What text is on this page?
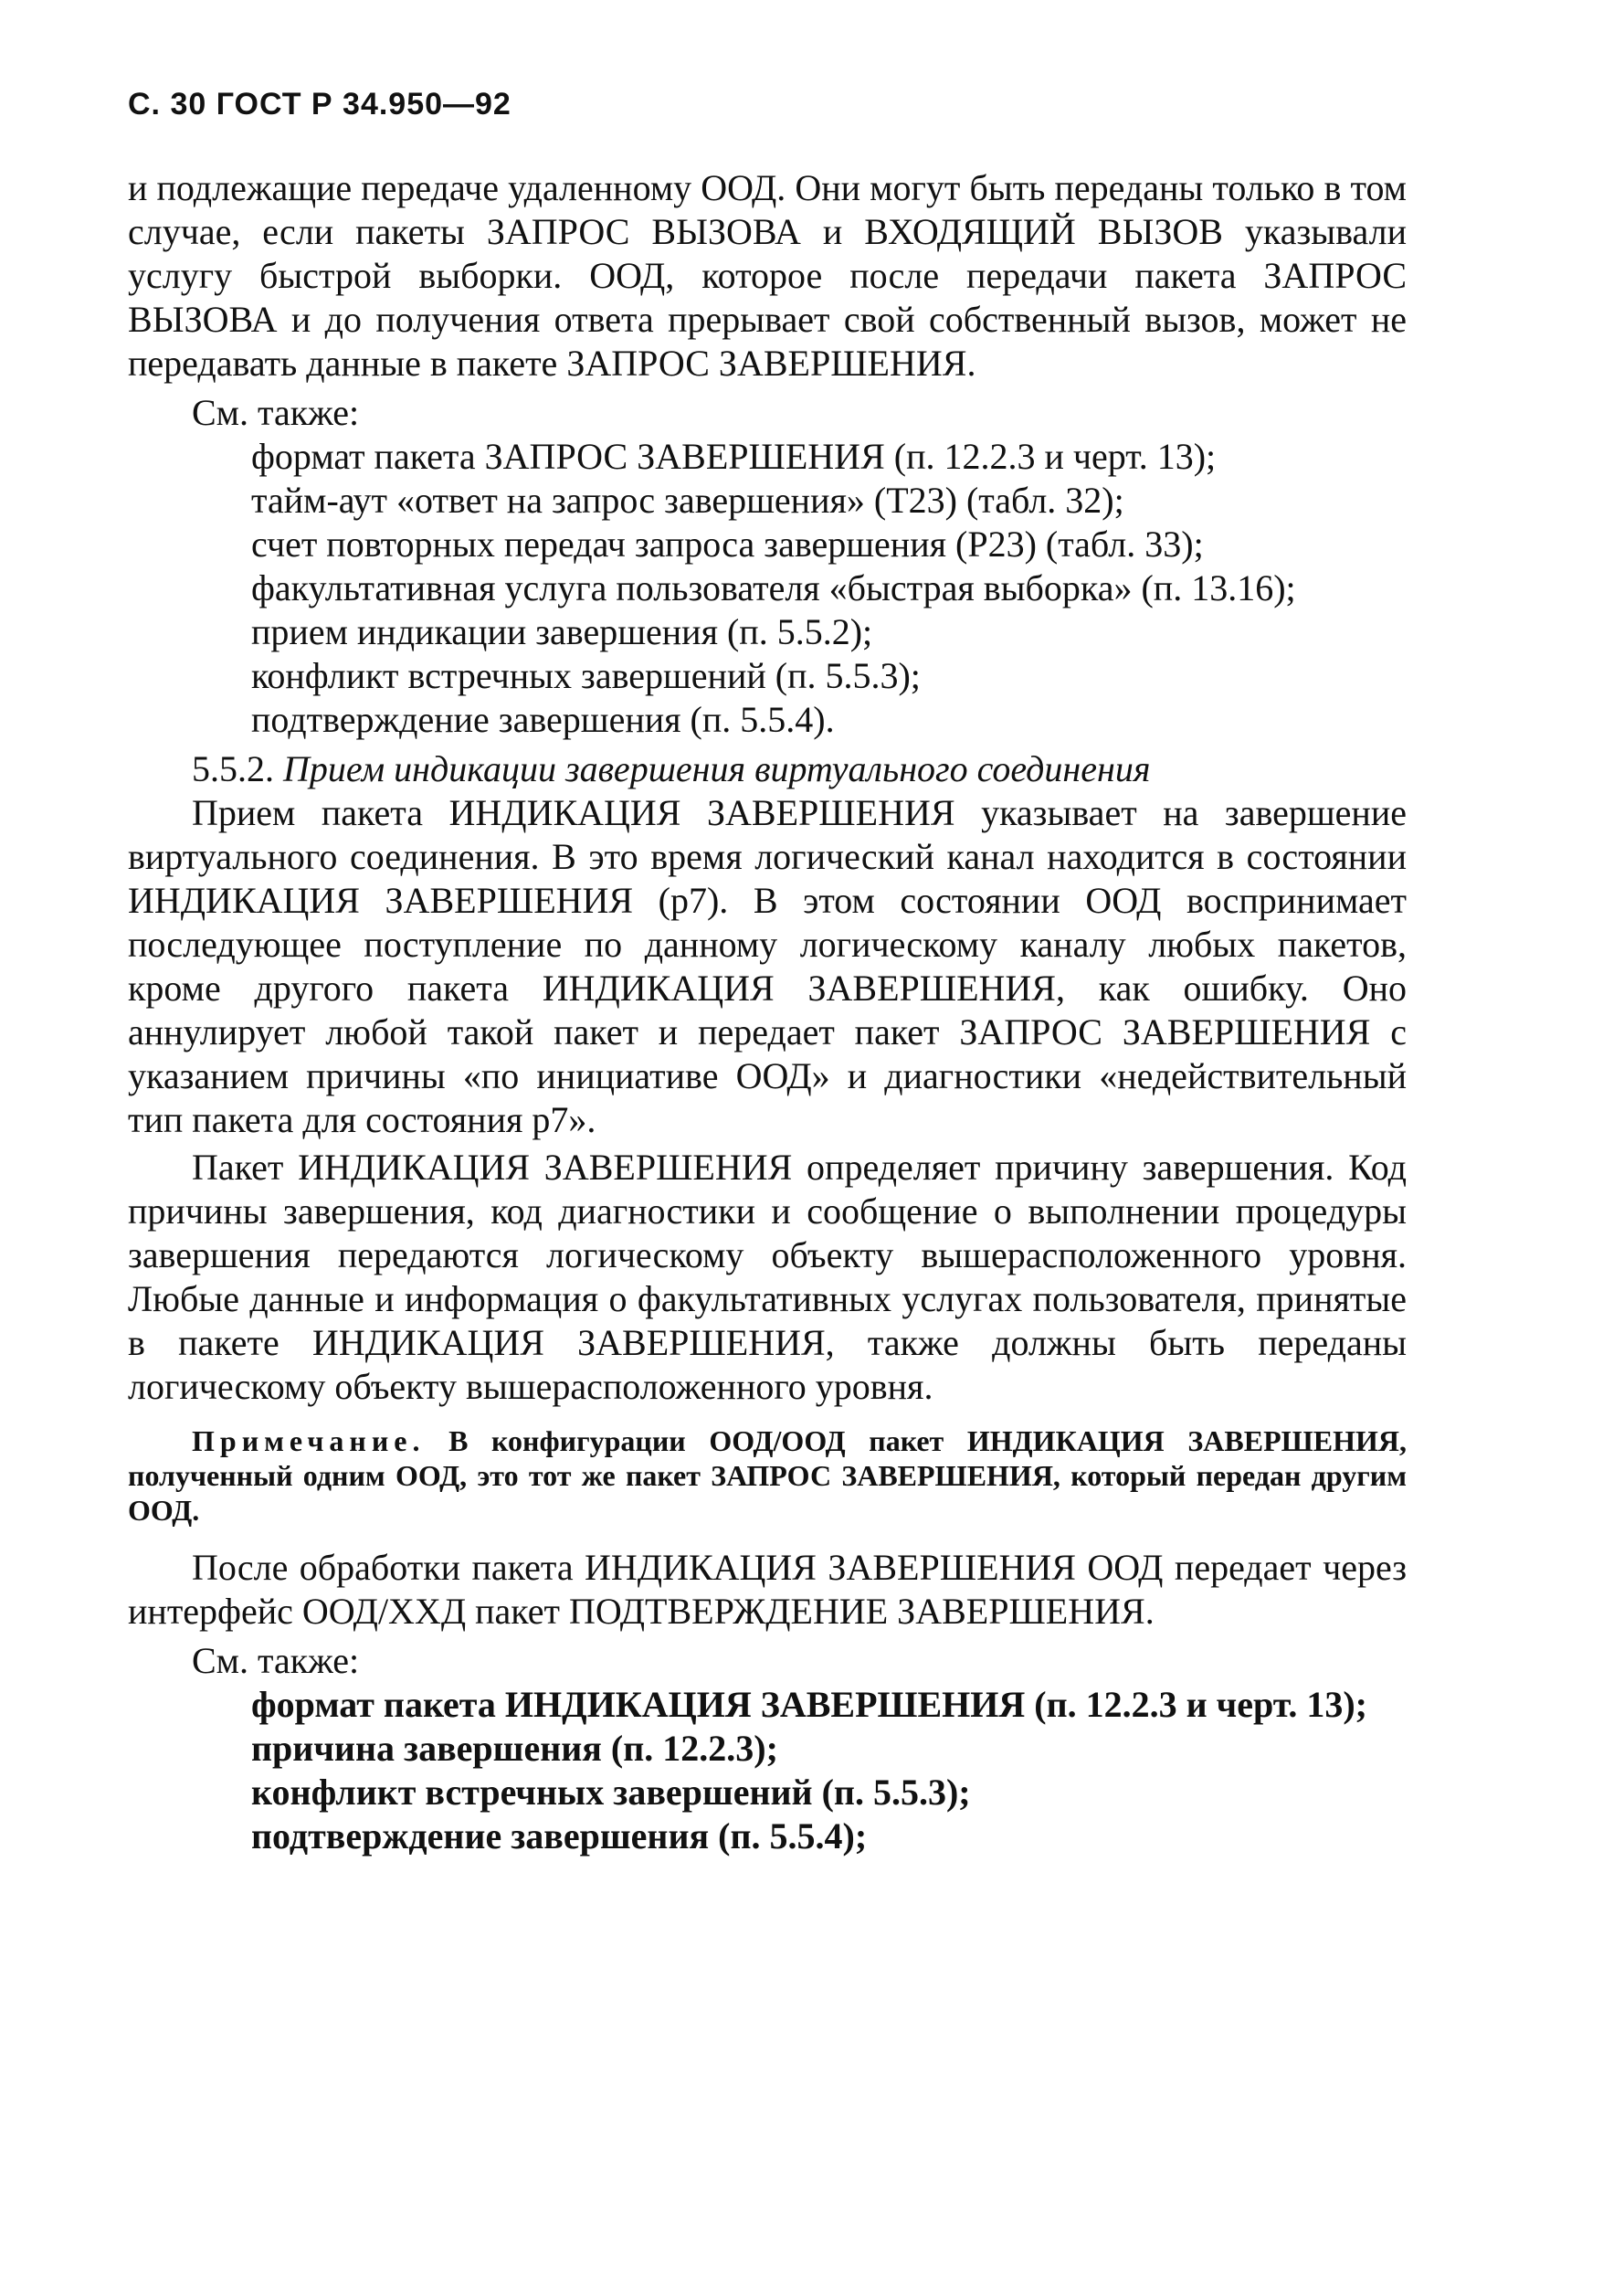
С. 30 ГОСТ Р 34.950—92

и подлежащие передаче удаленному ООД. Они могут быть переданы только в том случае, если пакеты ЗАПРОС ВЫЗОВА и ВХОДЯЩИЙ ВЫЗОВ указывали услугу быстрой выборки. ООД, которое после передачи пакета ЗАПРОС ВЫЗОВА и до получения ответа прерывает свой собственный вызов, может не передавать данные в пакете ЗАПРОС ЗАВЕРШЕНИЯ.

См. также:
формат пакета ЗАПРОС ЗАВЕРШЕНИЯ (п. 12.2.3 и черт. 13);
тайм-аут «ответ на запрос завершения» (Т23) (табл. 32);
счет повторных передач запроса завершения (Р23) (табл. 33);
факультативная услуга пользователя «быстрая выборка» (п. 13.16);
прием индикации завершения (п. 5.5.2);
конфликт встречных завершений (п. 5.5.3);
подтверждение завершения (п. 5.5.4).

5.5.2. Прием индикации завершения виртуального соединения

Прием пакета ИНДИКАЦИЯ ЗАВЕРШЕНИЯ указывает на завершение виртуального соединения. В это время логический канал находится в состоянии ИНДИКАЦИЯ ЗАВЕРШЕНИЯ (р7). В этом состоянии ООД воспринимает последующее поступление по данному логическому каналу любых пакетов, кроме другого пакета ИНДИКАЦИЯ ЗАВЕРШЕНИЯ, как ошибку. Оно аннулирует любой такой пакет и передает пакет ЗАПРОС ЗАВЕРШЕНИЯ с указанием причины «по инициативе ООД» и диагностики «недействительный тип пакета для состояния р7».

Пакет ИНДИКАЦИЯ ЗАВЕРШЕНИЯ определяет причину завершения. Код причины завершения, код диагностики и сообщение о выполнении процедуры завершения передаются логическому объекту вышерасположенного уровня. Любые данные и информация о факультативных услугах пользователя, принятые в пакете ИНДИКАЦИЯ ЗАВЕРШЕНИЯ, также должны быть переданы логическому объекту вышерасположенного уровня.

Примечание. В конфигурации ООД/ООД пакет ИНДИКАЦИЯ ЗАВЕРШЕНИЯ, полученный одним ООД, это тот же пакет ЗАПРОС ЗАВЕРШЕНИЯ, который передан другим ООД.

После обработки пакета ИНДИКАЦИЯ ЗАВЕРШЕНИЯ ООД передает через интерфейс ООД/ХХД пакет ПОДТВЕРЖДЕНИЕ ЗАВЕРШЕНИЯ.

См. также:
формат пакета ИНДИКАЦИЯ ЗАВЕРШЕНИЯ (п. 12.2.3 и черт. 13);
причина завершения (п. 12.2.3);
конфликт встречных завершений (п. 5.5.3);
подтверждение завершения (п. 5.5.4);
